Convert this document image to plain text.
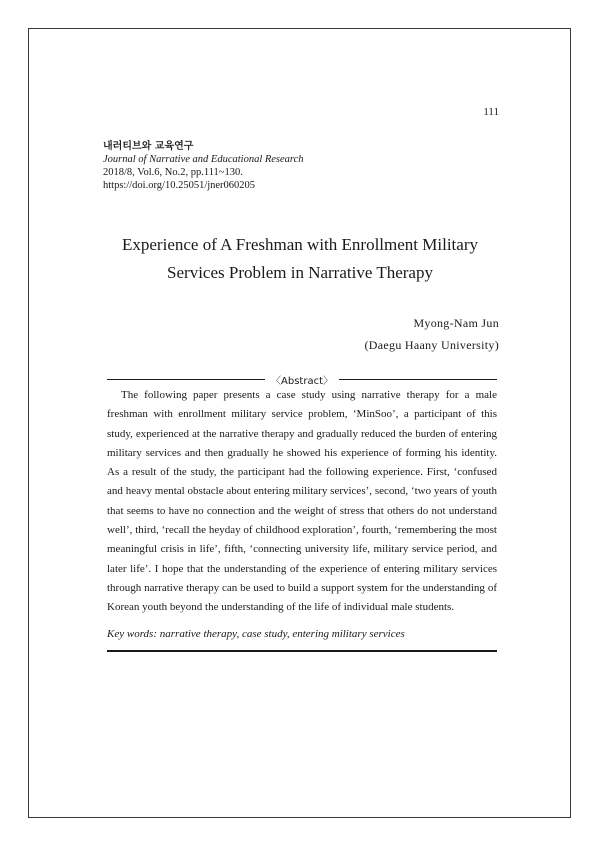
111
내러티브와 교육연구
Journal of Narrative and Educational Research
2018/8, Vol.6, No.2, pp.111~130.
https://doi.org/10.25051/jner060205
Experience of A Freshman with Enrollment Military
Services Problem in Narrative Therapy
Myong-Nam Jun
(Daegu Haany University)
〈Abstract〉
The following paper presents a case study using narrative therapy for a male freshman with enrollment military service problem, ‘MinSoo’, a participant of this study, experienced at the narrative therapy and gradually reduced the burden of entering military services and then gradually he showed his experience of forming his identity. As a result of the study, the participant had the following experience. First, ‘confused and heavy mental obstacle about entering military services’, second, ‘two years of youth that seems to have no connection and the weight of stress that others do not understand well’, third, ‘recall the heyday of childhood exploration’, fourth, ‘remembering the most meaningful crisis in life’, fifth, ‘connecting university life, military service period, and later life’. I hope that the understanding of the experience of entering military services through narrative therapy can be used to build a support system for the understanding of Korean youth beyond the understanding of the life of individual male students.
Key words: narrative therapy, case study, entering military services
